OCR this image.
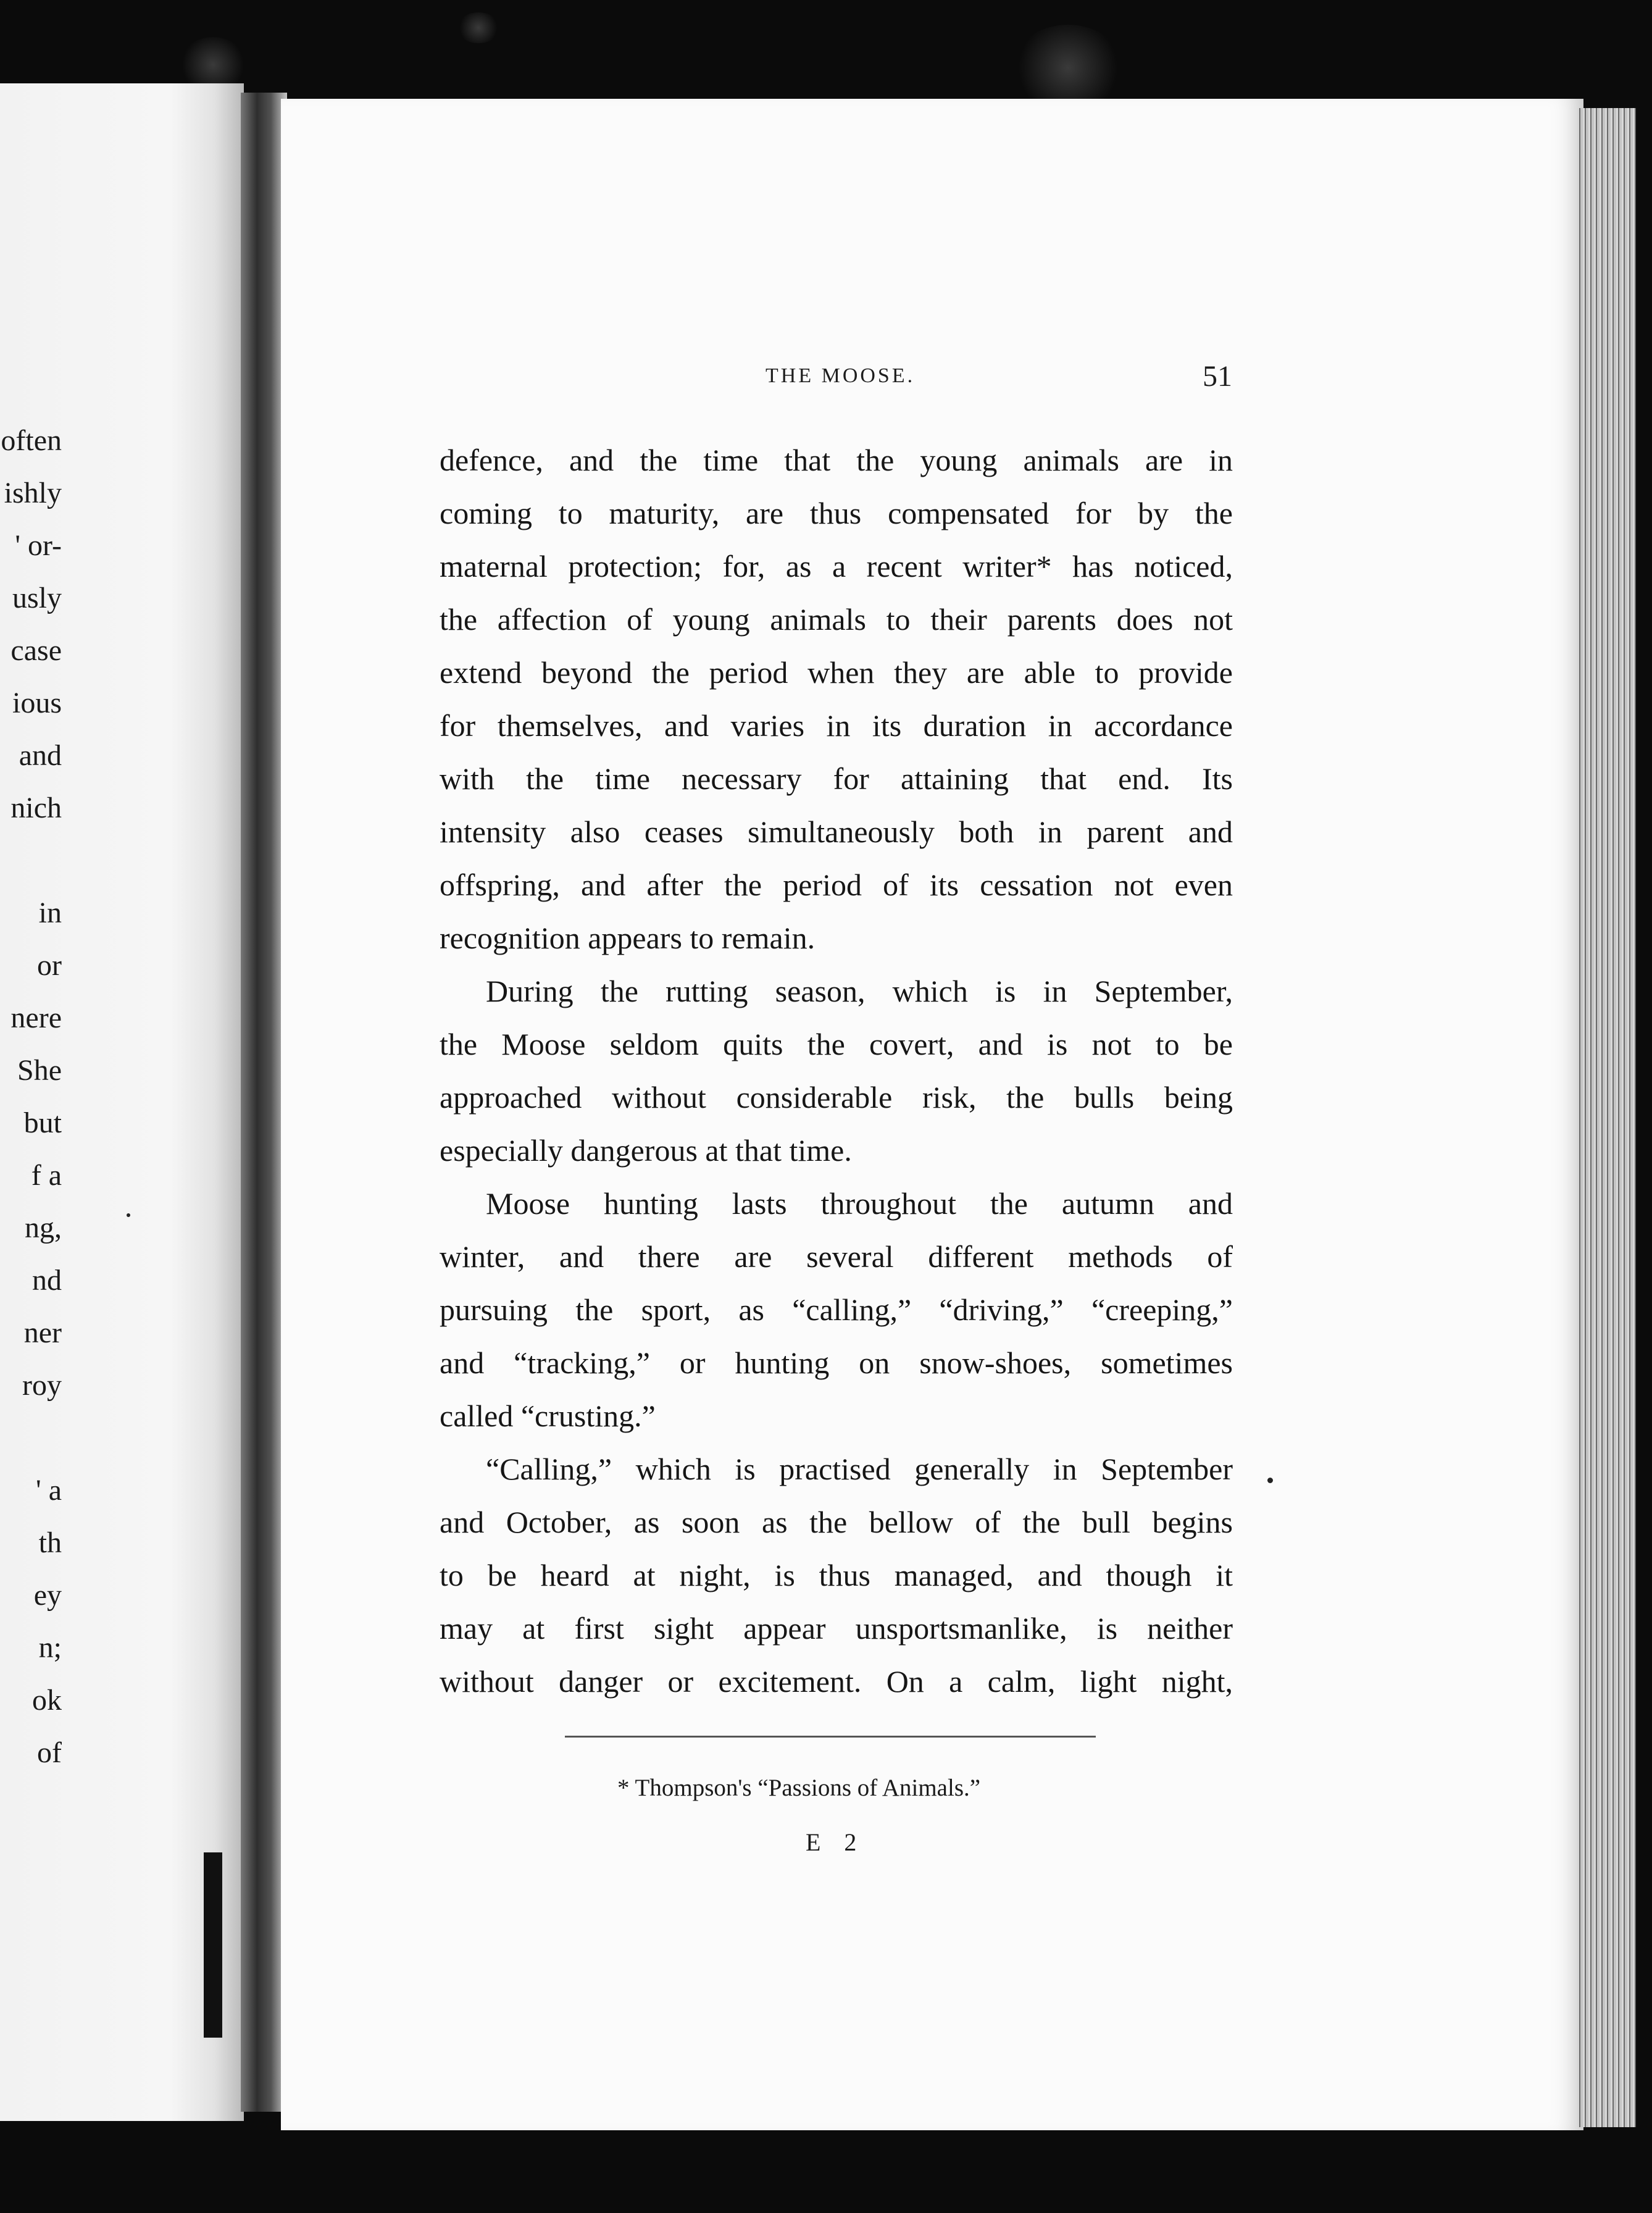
often
ishly
' or-
usly
case
ious
and
nich
in
or
nere
She
but
f a
ng,
nd
ner
roy
' a
th
ey
n;
ok
of
THE MOOSE.	51
defence, and the time that the young animals are in
coming to maturity, are thus compensated for by the
maternal protection; for, as a recent writer* has noticed,
the affection of young animals to their parents does not
extend beyond the period when they are able to provide
for themselves, and varies in its duration in accordance
with the time necessary for attaining that end. Its
intensity also ceases simultaneously both in parent and
offspring, and after the period of its cessation not even
recognition appears to remain.
During the rutting season, which is in September,
the Moose seldom quits the covert, and is not to be
approached without considerable risk, the bulls being
especially dangerous at that time.
Moose hunting lasts throughout the autumn and
winter, and there are several different methods of
pursuing the sport, as “calling,” “driving,” “creeping,”
and “tracking,” or hunting on snow-shoes, sometimes
called “crusting.”
“Calling,” which is practised generally in September
and October, as soon as the bellow of the bull begins
to be heard at night, is thus managed, and though it
may at first sight appear unsportsmanlike, is neither
without danger or excitement. On a calm, light night,
* Thompson's “Passions of Animals.”
E 2
